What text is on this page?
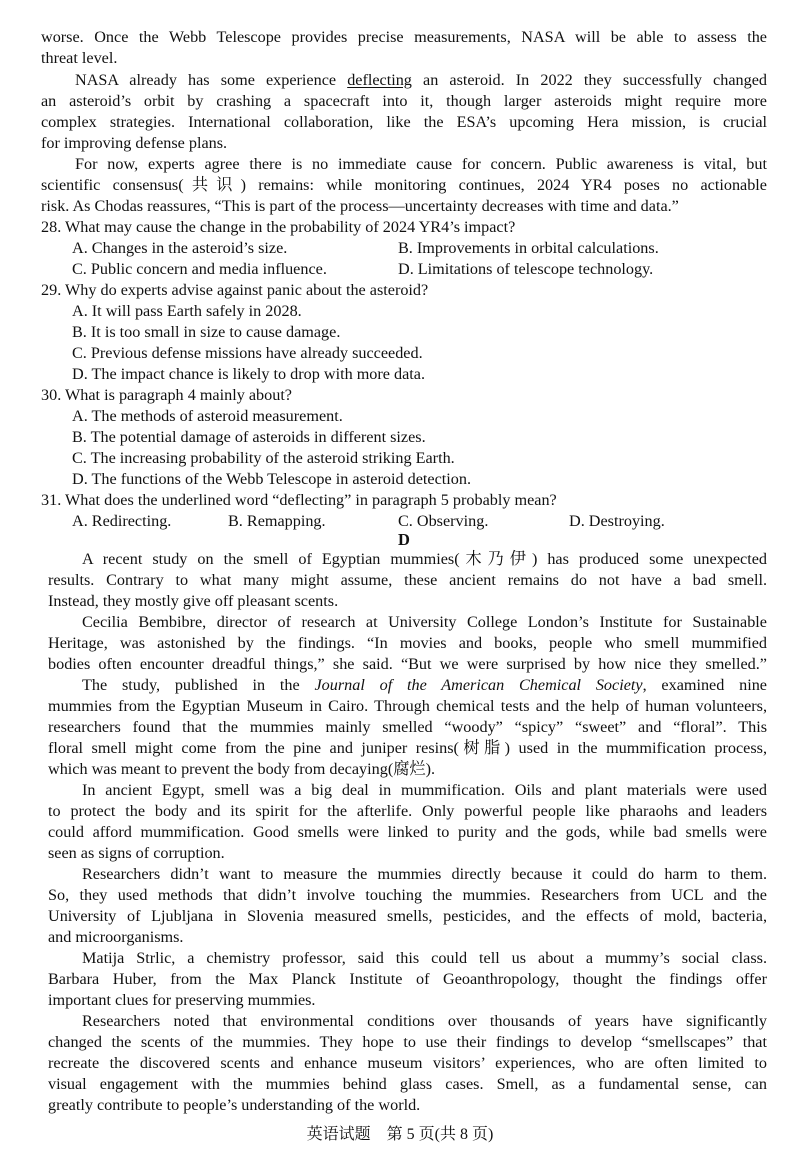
worse. Once the Webb Telescope provides precise measurements, NASA will be able to assess the
threat level.
NASA already has some experience deflecting an asteroid. In 2022 they successfully changed
an asteroid’s orbit by crashing a spacecraft into it, though larger asteroids might require more
complex strategies. International collaboration, like the ESA’s upcoming Hera mission, is crucial
for improving defense plans.
For now, experts agree there is no immediate cause for concern. Public awareness is vital, but
scientific consensus(共识) remains: while monitoring continues, 2024 YR4 poses no actionable
risk. As Chodas reassures, “This is part of the process—uncertainty decreases with time and data.”
28. What may cause the change in the probability of 2024 YR4’s impact?
A. Changes in the asteroid’s size.	B. Improvements in orbital calculations.
C. Public concern and media influence.	D. Limitations of telescope technology.
29. Why do experts advise against panic about the asteroid?
A. It will pass Earth safely in 2028.
B. It is too small in size to cause damage.
C. Previous defense missions have already succeeded.
D. The impact chance is likely to drop with more data.
30. What is paragraph 4 mainly about?
A. The methods of asteroid measurement.
B. The potential damage of asteroids in different sizes.
C. The increasing probability of the asteroid striking Earth.
D. The functions of the Webb Telescope in asteroid detection.
31. What does the underlined word “deflecting” in paragraph 5 probably mean?
A. Redirecting.	B. Remapping.	C. Observing.	D. Destroying.
D
A recent study on the smell of Egyptian mummies(木乃伊) has produced some unexpected
results. Contrary to what many might assume, these ancient remains do not have a bad smell.
Instead, they mostly give off pleasant scents.
Cecilia Bembibre, director of research at University College London’s Institute for Sustainable
Heritage, was astonished by the findings. “In movies and books, people who smell mummified
bodies often encounter dreadful things,” she said. “But we were surprised by how nice they smelled.”
The study, published in the Journal of the American Chemical Society, examined nine
mummies from the Egyptian Museum in Cairo. Through chemical tests and the help of human volunteers,
researchers found that the mummies mainly smelled “woody” “spicy” “sweet” and “floral”. This
floral smell might come from the pine and juniper resins(树脂) used in the mummification process,
which was meant to prevent the body from decaying(腐烂).
In ancient Egypt, smell was a big deal in mummification. Oils and plant materials were used
to protect the body and its spirit for the afterlife. Only powerful people like pharaohs and leaders
could afford mummification. Good smells were linked to purity and the gods, while bad smells were
seen as signs of corruption.
Researchers didn’t want to measure the mummies directly because it could do harm to them.
So, they used methods that didn’t involve touching the mummies. Researchers from UCL and the
University of Ljubljana in Slovenia measured smells, pesticides, and the effects of mold, bacteria,
and microorganisms.
Matija Strlic, a chemistry professor, said this could tell us about a mummy’s social class.
Barbara Huber, from the Max Planck Institute of Geoanthropology, thought the findings offer
important clues for preserving mummies.
Researchers noted that environmental conditions over thousands of years have significantly
changed the scents of the mummies. They hope to use their findings to develop “smellscapes” that
recreate the discovered scents and enhance museum visitors’ experiences, who are often limited to
visual engagement with the mummies behind glass cases. Smell, as a fundamental sense, can
greatly contribute to people’s understanding of the world.
英语试题　第 5 页(共 8 页)
